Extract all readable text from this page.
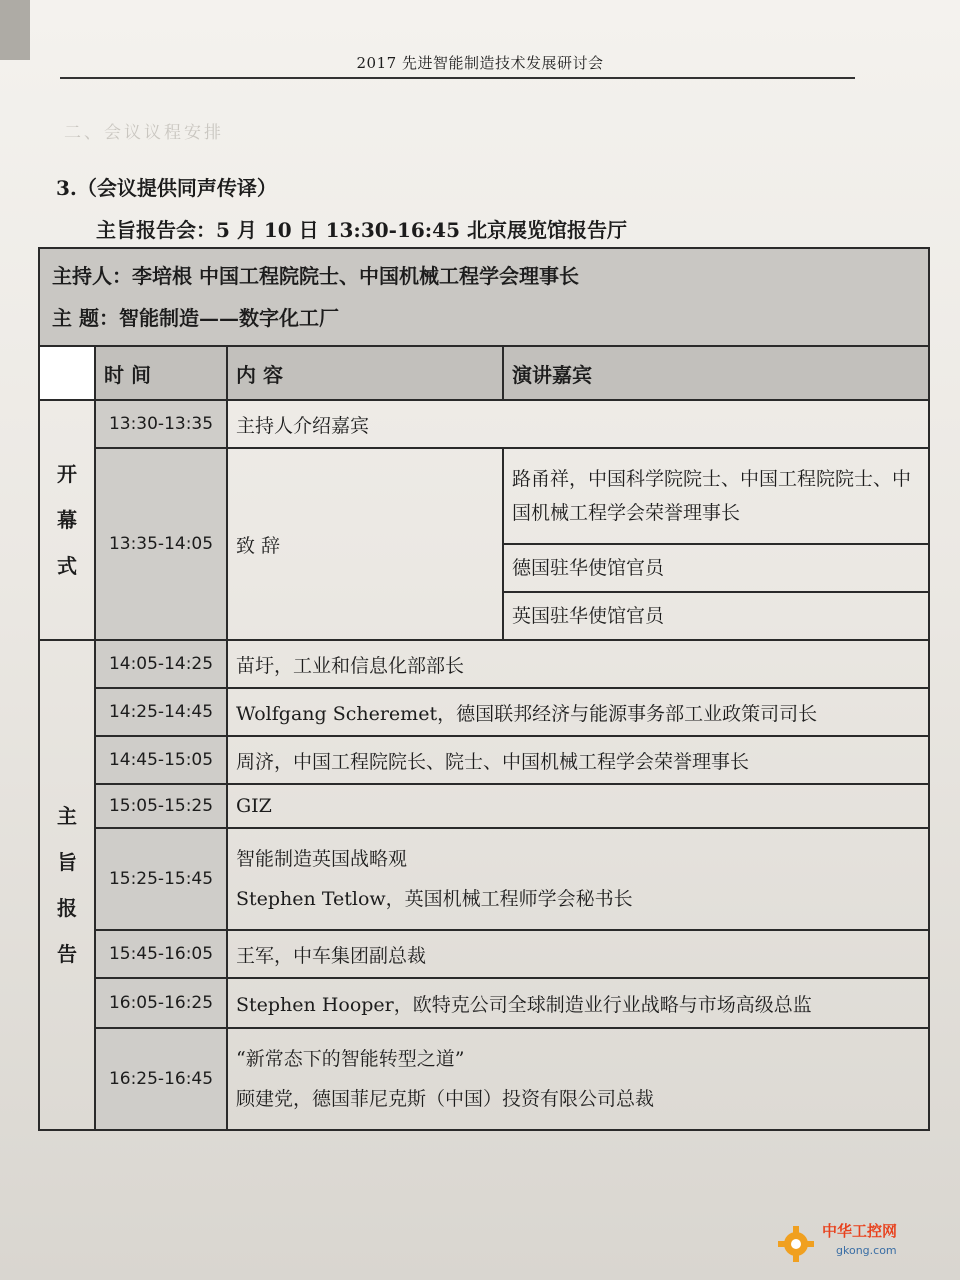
2017 先进智能制造技术发展研讨会
二、会议议程安排
3.（会议提供同声传译）
主旨报告会：5 月 10 日 13:30-16:45 北京展览馆报告厅
主持人：李培根 中国工程院院士、中国机械工程学会理事长
主 题：智能制造——数字化工厂			

	时 间	内 容	演讲嘉宾

开
幕
式	13:30-13:35	主持人介绍嘉宾	
	13:35-14:05	致 辞	路甬祥，中国科学院院士、中国工程院院士、中国机械工程学会荣誉理事长
			德国驻华使馆官员
			英国驻华使馆官员

主
旨
报
告	14:05-14:25	苗圩，工业和信息化部部长	
	14:25-14:45	Wolfgang Scheremet，德国联邦经济与能源事务部工业政策司司长	
	14:45-15:05	周济，中国工程院院长、院士、中国机械工程学会荣誉理事长	
	15:05-15:25	GIZ	
	15:25-15:45	智能制造英国战略观
Stephen Tetlow，英国机械工程师学会秘书长	

	15:45-16:05	王军，中车集团副总裁	
	16:05-16:25	Stephen Hooper，欧特克公司全球制造业行业战略与市场高级总监	
	16:25-16:45	“新常态下的智能转型之道”
顾建党，德国菲尼克斯（中国）投资有限公司总裁	
中华工控网
gkong.com
